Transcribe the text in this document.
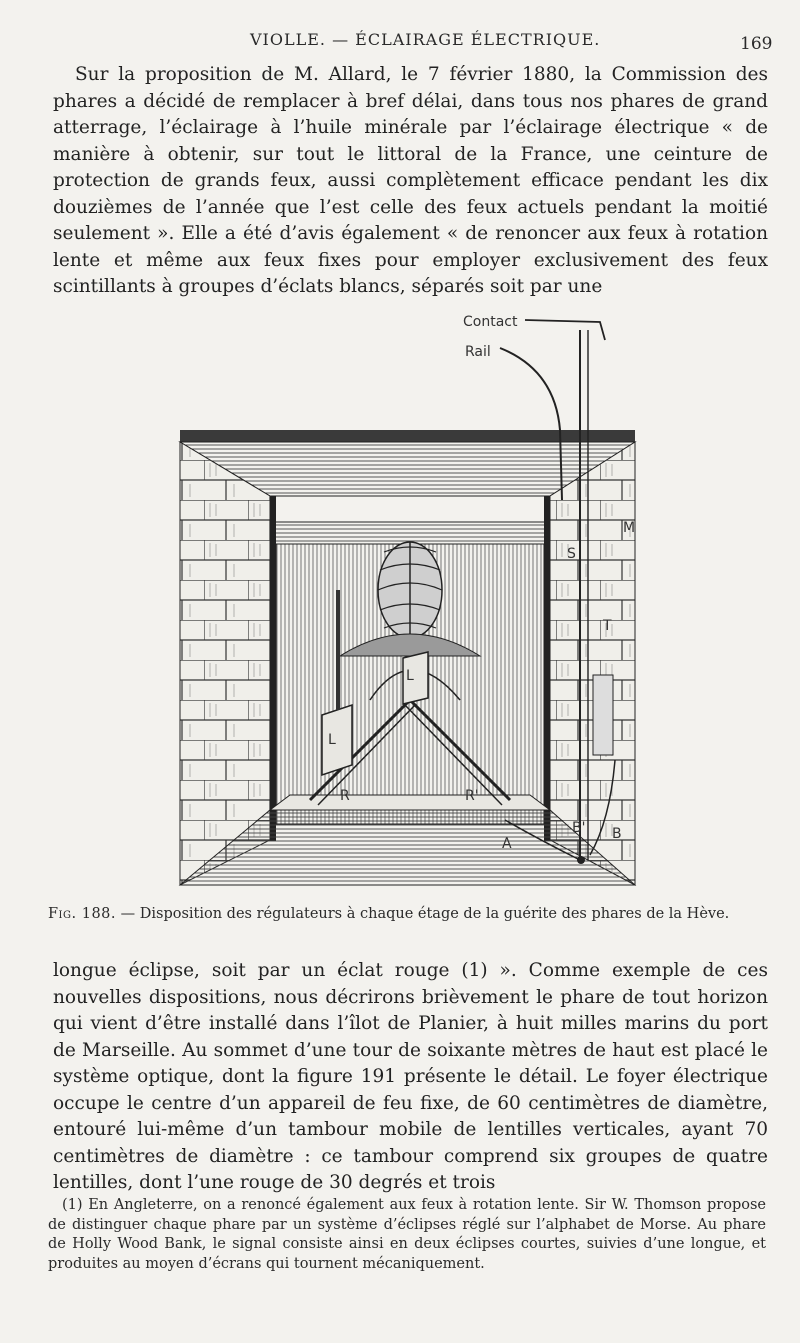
VIOLLE. — ÉCLAIRAGE ÉLECTRIQUE.	169

Sur la proposition de M. Allard, le 7 février 1880, la Commission des phares a décidé de remplacer à bref délai, dans tous nos phares de grand atterrage, l’éclairage à l’huile minérale par l’éclairage électrique « de manière à obtenir, sur tout le littoral de la France, une ceinture de protection de grands feux, aussi complètement efficace pendant les dix douzièmes de l’année que l’est celle des feux actuels pendant la moitié seulement ». Elle a été d’avis également « de renoncer aux feux à rotation lente et même aux feux fixes pour employer exclusivement des feux scintillants à groupes d’éclats blancs, séparés soit par une

Contact
Rail
L
L
R	R'
A
B
B'
S
M
T
Fig. 188. — Disposition des régulateurs à chaque étage de la guérite des phares de la Hève.

longue éclipse, soit par un éclat rouge (1) ». Comme exemple de ces nouvelles dispositions, nous décrirons brièvement le phare de tout horizon qui vient d’être installé dans l’îlot de Planier, à huit milles marins du port de Marseille. Au sommet d’une tour de soixante mètres de haut est placé le système optique, dont la figure 191 présente le détail. Le foyer électrique occupe le centre d’un appareil de feu fixe, de 60 centimètres de diamètre, entouré lui-même d’un tambour mobile de lentilles verticales, ayant 70 centimètres de diamètre : ce tambour comprend six groupes de quatre lentilles, dont l’une rouge de 30 degrés et trois

(1) En Angleterre, on a renoncé également aux feux à rotation lente. Sir W. Thomson propose de distinguer chaque phare par un système d’éclipses réglé sur l’alphabet de Morse. Au phare de Holly Wood Bank, le signal consiste ainsi en deux éclipses courtes, suivies d’une longue, et produites au moyen d’écrans qui tournent mécaniquement.
